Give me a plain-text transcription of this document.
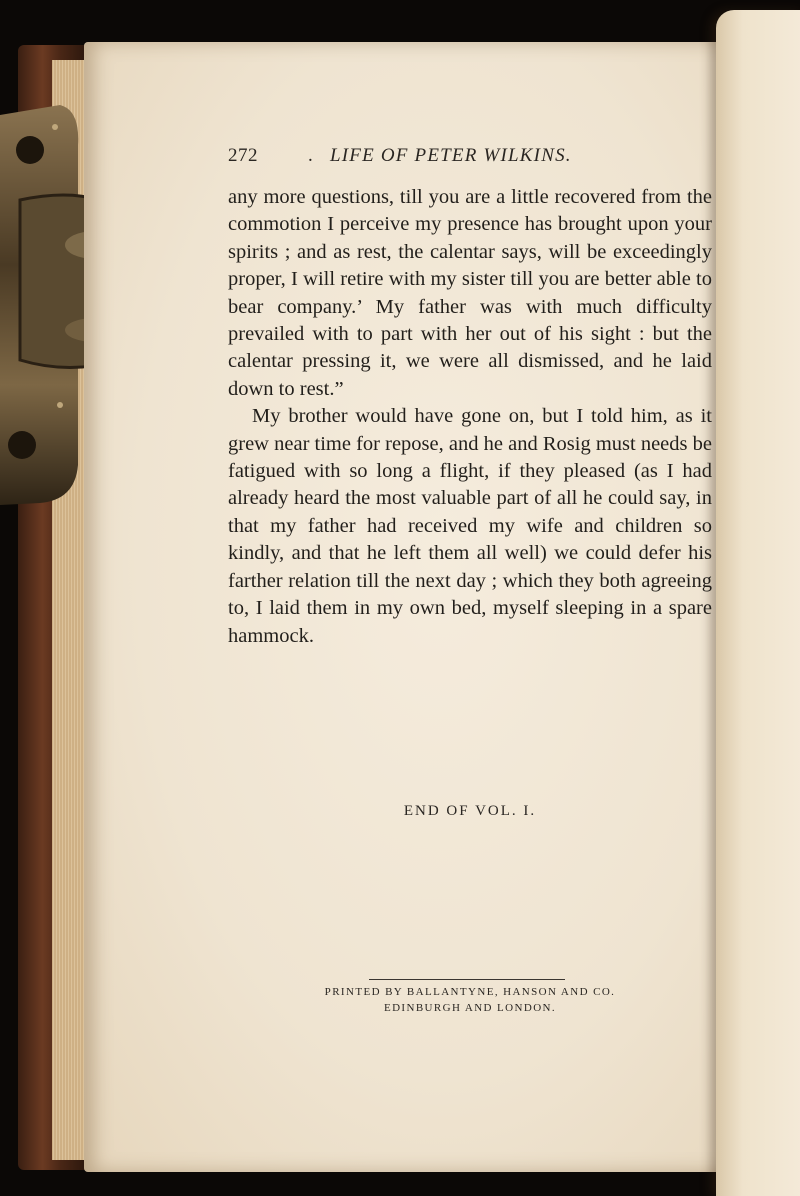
272	. LIFE OF PETER WILKINS.

any more questions, till you are a little recovered from the commotion I perceive my presence has brought upon your spirits ; and as rest, the calentar says, will be exceedingly proper, I will retire with my sister till you are better able to bear company.’ My father was with much difficulty prevailed with to part with her out of his sight : but the calentar pressing it, we were all dismissed, and he laid down to rest.”

My brother would have gone on, but I told him, as it grew near time for repose, and he and Rosig must needs be fatigued with so long a flight, if they pleased (as I had already heard the most valuable part of all he could say, in that my father had received my wife and children so kindly, and that he left them all well) we could defer his farther relation till the next day ; which they both agreeing to, I laid them in my own bed, myself sleeping in a spare hammock.

END OF VOL. I.
PRINTED BY BALLANTYNE, HANSON AND CO.
EDINBURGH AND LONDON.
